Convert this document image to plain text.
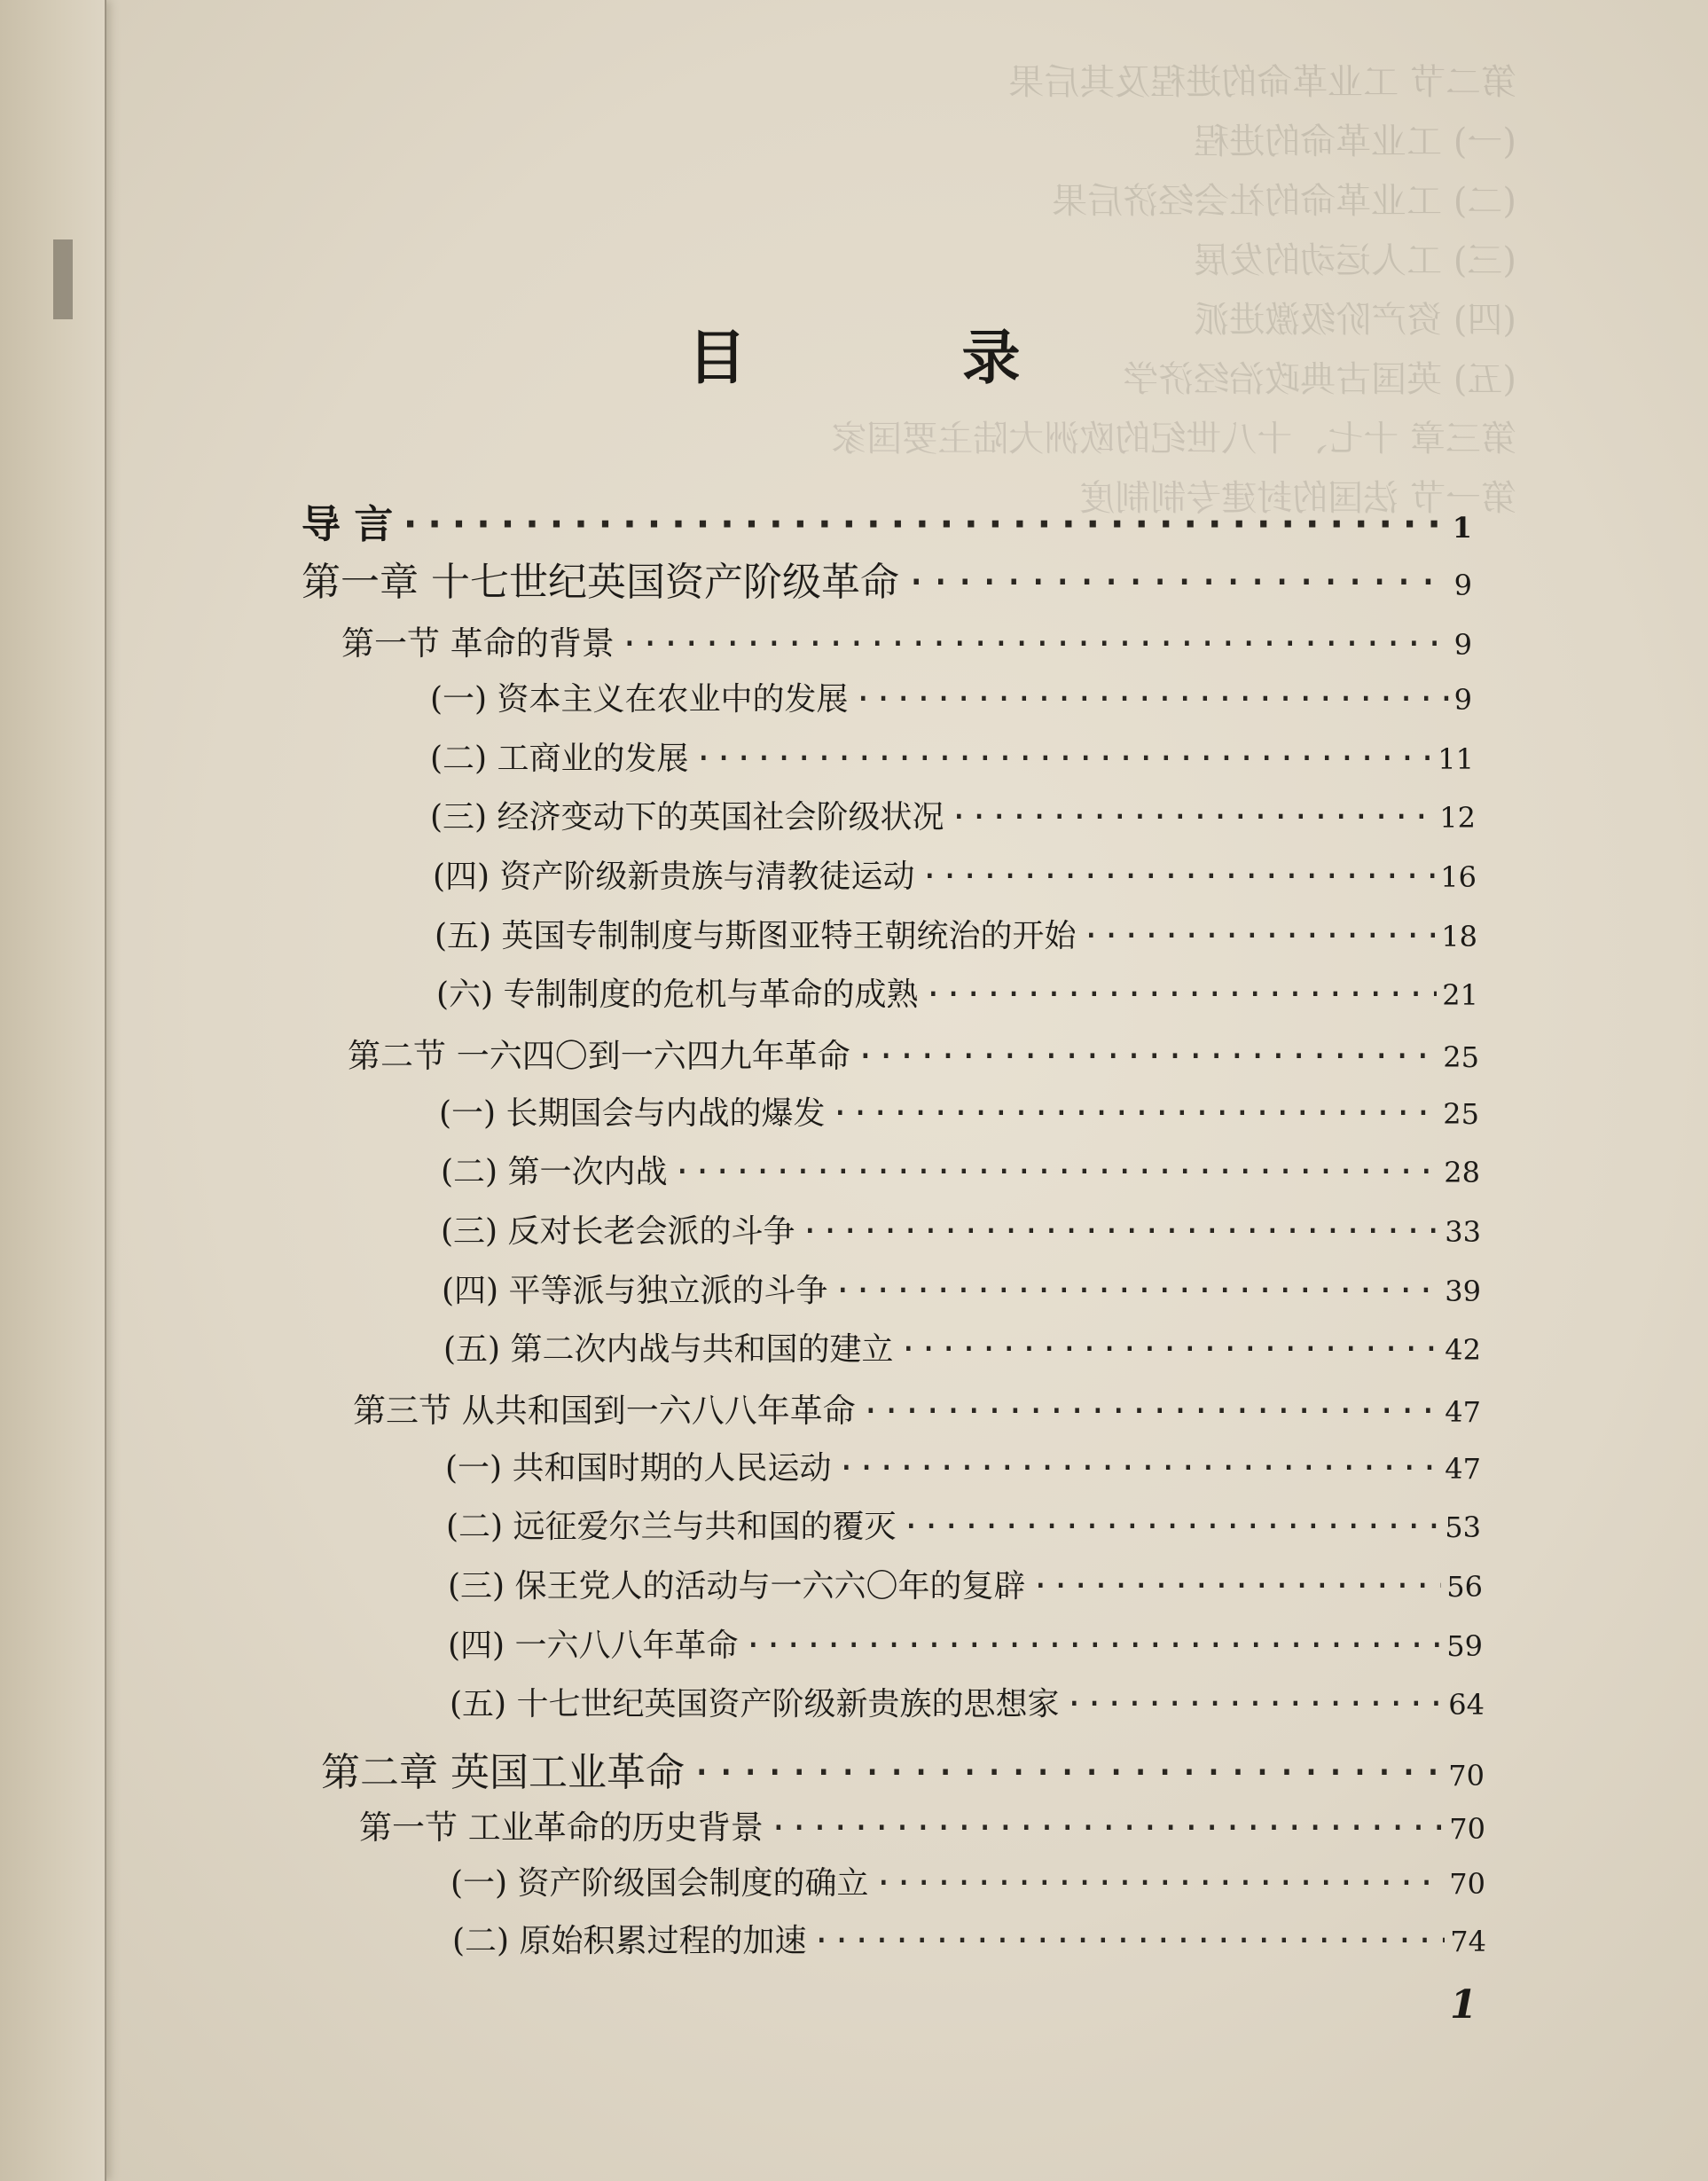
第二节 工业革命的进程及其后果
(一) 工业革命的进程
(二) 工业革命的社会经济后果
(三) 工人运动的发展
(四) 资产阶级激进派
(五) 英国古典政治经济学
第三章 十七、十八世纪的欧洲大陆主要国家
第一节 法国的封建专制制度
目 录
导 言 ·····	1
第一章 十七世纪英国资产阶级革命 ·····	9
第一节 革命的背景 ·····	9
(一) 资本主义在农业中的发展 ·····	9
(二) 工商业的发展 ·····	11
(三) 经济变动下的英国社会阶级状况 ·····	12
(四) 资产阶级新贵族与清教徒运动 ·····	16
(五) 英国专制制度与斯图亚特王朝统治的开始 ·····	18
(六) 专制制度的危机与革命的成熟 ·····	21
第二节 一六四〇到一六四九年革命 ·····	25
(一) 长期国会与内战的爆发 ·····	25
(二) 第一次内战 ·····	28
(三) 反对长老会派的斗争 ·····	33
(四) 平等派与独立派的斗争 ·····	39
(五) 第二次内战与共和国的建立 ·····	42
第三节 从共和国到一六八八年革命 ·····	47
(一) 共和国时期的人民运动 ·····	47
(二) 远征爱尔兰与共和国的覆灭 ·····	53
(三) 保王党人的活动与一六六〇年的复辟 ·····	56
(四) 一六八八年革命 ·····	59
(五) 十七世纪英国资产阶级新贵族的思想家 ·····	64
第二章 英国工业革命 ·····	70
第一节 工业革命的历史背景 ·····	70
(一) 资产阶级国会制度的确立 ·····	70
(二) 原始积累过程的加速 ·····	74
1
